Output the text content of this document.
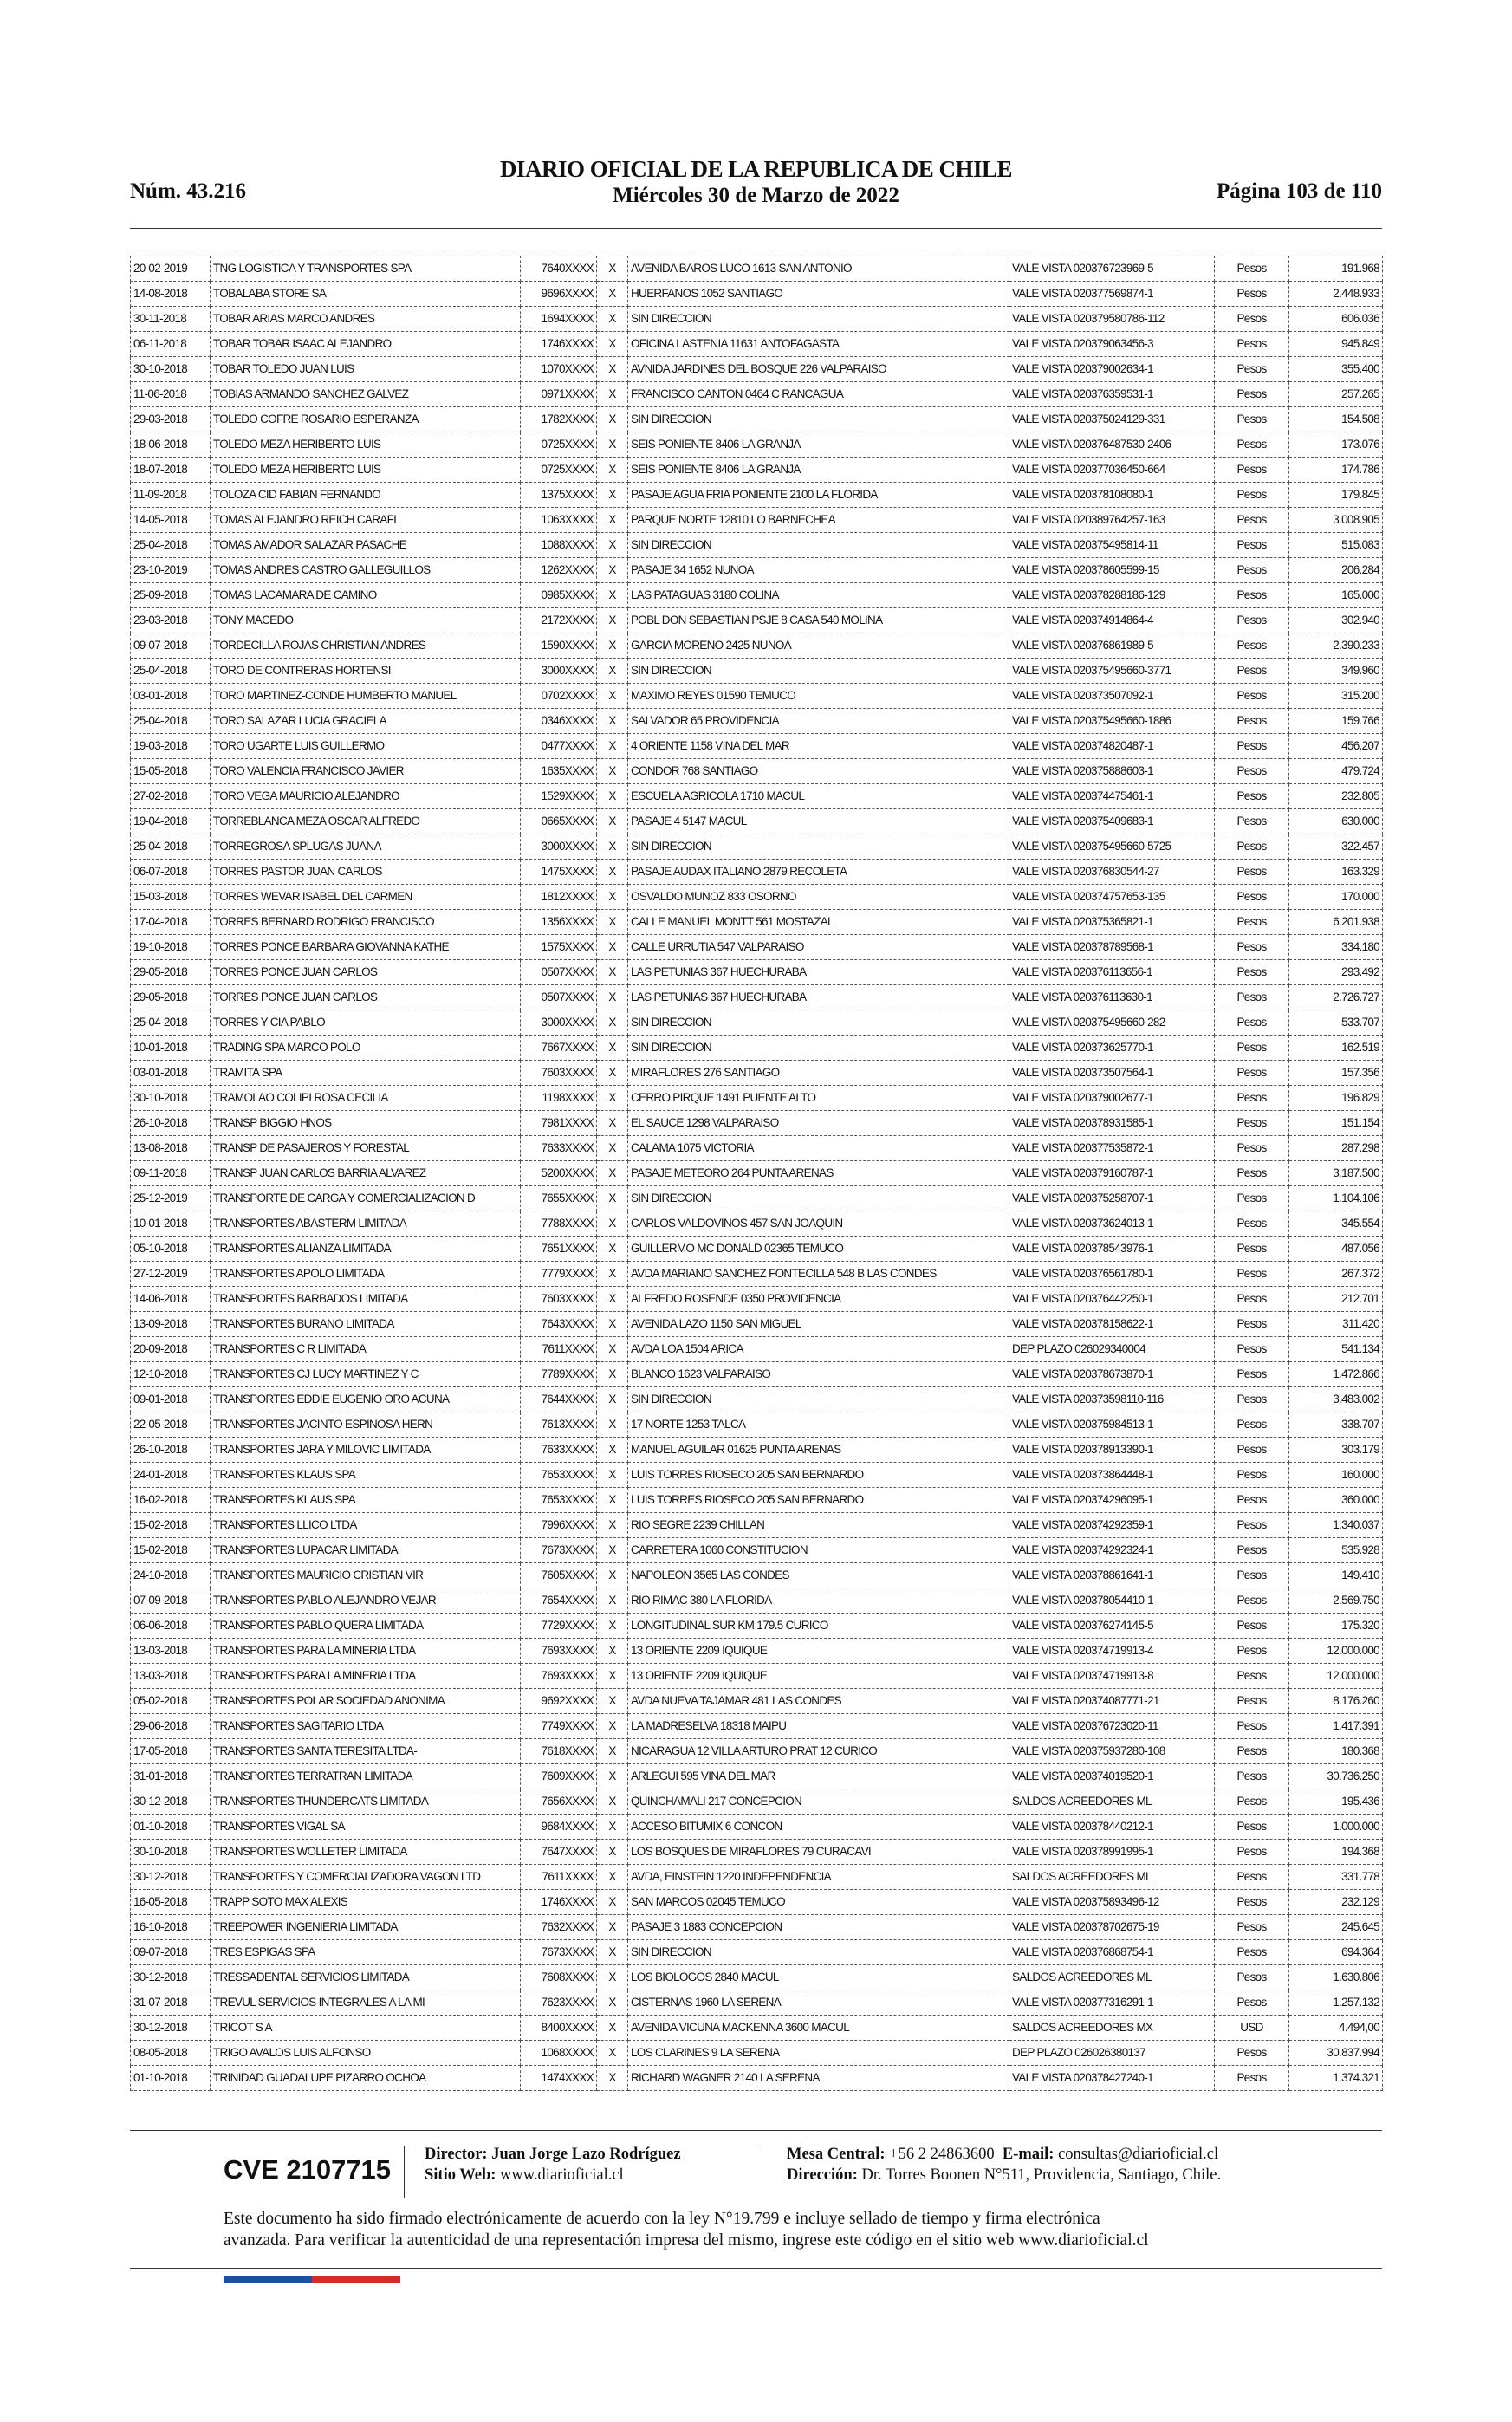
Núm. 43.216
DIARIO OFICIAL DE LA REPUBLICA DE CHILE
Miércoles 30 de Marzo de 2022	Página 103 de 110
20-02-2019	TNG LOGISTICA Y TRANSPORTES SPA	7640XXXX	X	AVENIDA BAROS LUCO 1613 SAN ANTONIO	VALE VISTA 020376723969-5	Pesos	191.968
14-08-2018	TOBALABA STORE SA	9696XXXX	X	HUERFANOS 1052 SANTIAGO	VALE VISTA 020377569874-1	Pesos	2.448.933
30-11-2018	TOBAR ARIAS MARCO ANDRES	1694XXXX	X	SIN DIRECCION	VALE VISTA 020379580786-112	Pesos	606.036
06-11-2018	TOBAR TOBAR ISAAC ALEJANDRO	1746XXXX	X	OFICINA LASTENIA 11631 ANTOFAGASTA	VALE VISTA 020379063456-3	Pesos	945.849
30-10-2018	TOBAR TOLEDO JUAN LUIS	1070XXXX	X	AVNIDA JARDINES DEL BOSQUE 226 VALPARAISO	VALE VISTA 020379002634-1	Pesos	355.400
11-06-2018	TOBIAS ARMANDO SANCHEZ GALVEZ	0971XXXX	X	FRANCISCO CANTON 0464 C RANCAGUA	VALE VISTA 020376359531-1	Pesos	257.265
29-03-2018	TOLEDO COFRE ROSARIO ESPERANZA	1782XXXX	X	SIN DIRECCION	VALE VISTA 020375024129-331	Pesos	154.508
18-06-2018	TOLEDO MEZA HERIBERTO LUIS	0725XXXX	X	SEIS PONIENTE 8406 LA GRANJA	VALE VISTA 020376487530-2406	Pesos	173.076
18-07-2018	TOLEDO MEZA HERIBERTO LUIS	0725XXXX	X	SEIS PONIENTE 8406 LA GRANJA	VALE VISTA 020377036450-664	Pesos	174.786
11-09-2018	TOLOZA CID FABIAN FERNANDO	1375XXXX	X	PASAJE AGUA FRIA PONIENTE 2100 LA FLORIDA	VALE VISTA 020378108080-1	Pesos	179.845
14-05-2018	TOMAS ALEJANDRO REICH CARAFI	1063XXXX	X	PARQUE NORTE 12810 LO BARNECHEA	VALE VISTA 020389764257-163	Pesos	3.008.905
25-04-2018	TOMAS AMADOR SALAZAR PASACHE	1088XXXX	X	SIN DIRECCION	VALE VISTA 020375495814-11	Pesos	515.083
23-10-2019	TOMAS ANDRES CASTRO GALLEGUILLOS	1262XXXX	X	PASAJE 34 1652 NUNOA	VALE VISTA 020378605599-15	Pesos	206.284
25-09-2018	TOMAS LACAMARA DE CAMINO	0985XXXX	X	LAS PATAGUAS 3180 COLINA	VALE VISTA 020378288186-129	Pesos	165.000
23-03-2018	TONY MACEDO	2172XXXX	X	POBL DON SEBASTIAN PSJE 8 CASA 540 MOLINA	VALE VISTA 020374914864-4	Pesos	302.940
09-07-2018	TORDECILLA ROJAS CHRISTIAN ANDRES	1590XXXX	X	GARCIA MORENO 2425 NUNOA	VALE VISTA 020376861989-5	Pesos	2.390.233
25-04-2018	TORO DE CONTRERAS HORTENSI	3000XXXX	X	SIN DIRECCION	VALE VISTA 020375495660-3771	Pesos	349.960
03-01-2018	TORO MARTINEZ-CONDE HUMBERTO MANUEL	0702XXXX	X	MAXIMO REYES 01590 TEMUCO	VALE VISTA 020373507092-1	Pesos	315.200
25-04-2018	TORO SALAZAR LUCIA GRACIELA	0346XXXX	X	SALVADOR 65 PROVIDENCIA	VALE VISTA 020375495660-1886	Pesos	159.766
19-03-2018	TORO UGARTE LUIS GUILLERMO	0477XXXX	X	4 ORIENTE 1158 VINA DEL MAR	VALE VISTA 020374820487-1	Pesos	456.207
15-05-2018	TORO VALENCIA FRANCISCO JAVIER	1635XXXX	X	CONDOR 768 SANTIAGO	VALE VISTA 020375888603-1	Pesos	479.724
27-02-2018	TORO VEGA MAURICIO ALEJANDRO	1529XXXX	X	ESCUELA AGRICOLA 1710 MACUL	VALE VISTA 020374475461-1	Pesos	232.805
19-04-2018	TORREBLANCA MEZA OSCAR ALFREDO	0665XXXX	X	PASAJE 4 5147 MACUL	VALE VISTA 020375409683-1	Pesos	630.000
25-04-2018	TORREGROSA SPLUGAS JUANA	3000XXXX	X	SIN DIRECCION	VALE VISTA 020375495660-5725	Pesos	322.457
06-07-2018	TORRES PASTOR JUAN CARLOS	1475XXXX	X	PASAJE AUDAX ITALIANO 2879 RECOLETA	VALE VISTA 020376830544-27	Pesos	163.329
15-03-2018	TORRES WEVAR ISABEL DEL CARMEN	1812XXXX	X	OSVALDO MUNOZ 833 OSORNO	VALE VISTA 020374757653-135	Pesos	170.000
17-04-2018	TORRES BERNARD RODRIGO FRANCISCO	1356XXXX	X	CALLE MANUEL MONTT 561 MOSTAZAL	VALE VISTA 020375365821-1	Pesos	6.201.938
19-10-2018	TORRES PONCE BARBARA GIOVANNA KATHE	1575XXXX	X	CALLE URRUTIA 547 VALPARAISO	VALE VISTA 020378789568-1	Pesos	334.180
29-05-2018	TORRES PONCE JUAN CARLOS	0507XXXX	X	LAS PETUNIAS 367 HUECHURABA	VALE VISTA 020376113656-1	Pesos	293.492
29-05-2018	TORRES PONCE JUAN CARLOS	0507XXXX	X	LAS PETUNIAS 367 HUECHURABA	VALE VISTA 020376113630-1	Pesos	2.726.727
25-04-2018	TORRES Y CIA PABLO	3000XXXX	X	SIN DIRECCION	VALE VISTA 020375495660-282	Pesos	533.707
10-01-2018	TRADING SPA MARCO POLO	7667XXXX	X	SIN DIRECCION	VALE VISTA 020373625770-1	Pesos	162.519
03-01-2018	TRAMITA SPA	7603XXXX	X	MIRAFLORES 276 SANTIAGO	VALE VISTA 020373507564-1	Pesos	157.356
30-10-2018	TRAMOLAO COLIPI ROSA CECILIA	1198XXXX	X	CERRO PIRQUE 1491 PUENTE ALTO	VALE VISTA 020379002677-1	Pesos	196.829
26-10-2018	TRANSP BIGGIO HNOS	7981XXXX	X	EL SAUCE 1298 VALPARAISO	VALE VISTA 020378931585-1	Pesos	151.154
13-08-2018	TRANSP DE PASAJEROS Y FORESTAL	7633XXXX	X	CALAMA 1075 VICTORIA	VALE VISTA 020377535872-1	Pesos	287.298
09-11-2018	TRANSP JUAN CARLOS BARRIA ALVAREZ	5200XXXX	X	PASAJE METEORO 264 PUNTA ARENAS	VALE VISTA 020379160787-1	Pesos	3.187.500
25-12-2019	TRANSPORTE DE CARGA Y COMERCIALIZACION D	7655XXXX	X	SIN DIRECCION	VALE VISTA 020375258707-1	Pesos	1.104.106
10-01-2018	TRANSPORTES ABASTERM LIMITADA	7788XXXX	X	CARLOS VALDOVINOS 457 SAN JOAQUIN	VALE VISTA 020373624013-1	Pesos	345.554
05-10-2018	TRANSPORTES ALIANZA LIMITADA	7651XXXX	X	GUILLERMO MC DONALD 02365 TEMUCO	VALE VISTA 020378543976-1	Pesos	487.056
27-12-2019	TRANSPORTES APOLO LIMITADA	7779XXXX	X	AVDA MARIANO SANCHEZ FONTECILLA 548 B LAS CONDES	VALE VISTA 020376561780-1	Pesos	267.372
14-06-2018	TRANSPORTES BARBADOS LIMITADA	7603XXXX	X	ALFREDO ROSENDE 0350 PROVIDENCIA	VALE VISTA 020376442250-1	Pesos	212.701
13-09-2018	TRANSPORTES BURANO LIMITADA	7643XXXX	X	AVENIDA LAZO 1150 SAN MIGUEL	VALE VISTA 020378158622-1	Pesos	311.420
20-09-2018	TRANSPORTES C R LIMITADA	7611XXXX	X	AVDA LOA 1504 ARICA	DEP PLAZO 026029340004	Pesos	541.134
12-10-2018	TRANSPORTES CJ LUCY MARTINEZ Y C	7789XXXX	X	BLANCO 1623 VALPARAISO	VALE VISTA 020378673870-1	Pesos	1.472.866
09-01-2018	TRANSPORTES EDDIE EUGENIO ORO ACUNA	7644XXXX	X	SIN DIRECCION	VALE VISTA 020373598110-116	Pesos	3.483.002
22-05-2018	TRANSPORTES JACINTO ESPINOSA HERN	7613XXXX	X	17 NORTE 1253 TALCA	VALE VISTA 020375984513-1	Pesos	338.707
26-10-2018	TRANSPORTES JARA Y MILOVIC LIMITADA	7633XXXX	X	MANUEL AGUILAR 01625 PUNTA ARENAS	VALE VISTA 020378913390-1	Pesos	303.179
24-01-2018	TRANSPORTES KLAUS SPA	7653XXXX	X	LUIS TORRES RIOSECO 205 SAN BERNARDO	VALE VISTA 020373864448-1	Pesos	160.000
16-02-2018	TRANSPORTES KLAUS SPA	7653XXXX	X	LUIS TORRES RIOSECO 205 SAN BERNARDO	VALE VISTA 020374296095-1	Pesos	360.000
15-02-2018	TRANSPORTES LLICO LTDA	7996XXXX	X	RIO SEGRE 2239 CHILLAN	VALE VISTA 020374292359-1	Pesos	1.340.037
15-02-2018	TRANSPORTES LUPACAR LIMITADA	7673XXXX	X	CARRETERA 1060 CONSTITUCION	VALE VISTA 020374292324-1	Pesos	535.928
24-10-2018	TRANSPORTES MAURICIO CRISTIAN VIR	7605XXXX	X	NAPOLEON 3565 LAS CONDES	VALE VISTA 020378861641-1	Pesos	149.410
07-09-2018	TRANSPORTES PABLO ALEJANDRO VEJAR	7654XXXX	X	RIO RIMAC 380 LA FLORIDA	VALE VISTA 020378054410-1	Pesos	2.569.750
06-06-2018	TRANSPORTES PABLO QUERA LIMITADA	7729XXXX	X	LONGITUDINAL SUR KM 179.5 CURICO	VALE VISTA 020376274145-5	Pesos	175.320
13-03-2018	TRANSPORTES PARA LA MINERIA LTDA	7693XXXX	X	13 ORIENTE 2209 IQUIQUE	VALE VISTA 020374719913-4	Pesos	12.000.000
13-03-2018	TRANSPORTES PARA LA MINERIA LTDA	7693XXXX	X	13 ORIENTE 2209 IQUIQUE	VALE VISTA 020374719913-8	Pesos	12.000.000
05-02-2018	TRANSPORTES POLAR SOCIEDAD ANONIMA	9692XXXX	X	AVDA NUEVA TAJAMAR 481 LAS CONDES	VALE VISTA 020374087771-21	Pesos	8.176.260
29-06-2018	TRANSPORTES SAGITARIO LTDA	7749XXXX	X	LA MADRESELVA 18318 MAIPU	VALE VISTA 020376723020-11	Pesos	1.417.391
17-05-2018	TRANSPORTES SANTA TERESITA LTDA-	7618XXXX	X	NICARAGUA 12 VILLA ARTURO PRAT 12 CURICO	VALE VISTA 020375937280-108	Pesos	180.368
31-01-2018	TRANSPORTES TERRATRAN LIMITADA	7609XXXX	X	ARLEGUI 595 VINA DEL MAR	VALE VISTA 020374019520-1	Pesos	30.736.250
30-12-2018	TRANSPORTES THUNDERCATS LIMITADA	7656XXXX	X	QUINCHAMALI 217 CONCEPCION	SALDOS ACREEDORES ML	Pesos	195.436
01-10-2018	TRANSPORTES VIGAL SA	9684XXXX	X	ACCESO BITUMIX 6 CONCON	VALE VISTA 020378440212-1	Pesos	1.000.000
30-10-2018	TRANSPORTES WOLLETER LIMITADA	7647XXXX	X	LOS BOSQUES DE MIRAFLORES 79 CURACAVI	VALE VISTA 020378991995-1	Pesos	194.368
30-12-2018	TRANSPORTES Y COMERCIALIZADORA VAGON LTD	7611XXXX	X	AVDA, EINSTEIN 1220 INDEPENDENCIA	SALDOS ACREEDORES ML	Pesos	331.778
16-05-2018	TRAPP SOTO MAX ALEXIS	1746XXXX	X	SAN MARCOS 02045 TEMUCO	VALE VISTA 020375893496-12	Pesos	232.129
16-10-2018	TREEPOWER INGENIERIA LIMITADA	7632XXXX	X	PASAJE 3 1883 CONCEPCION	VALE VISTA 020378702675-19	Pesos	245.645
09-07-2018	TRES ESPIGAS SPA	7673XXXX	X	SIN DIRECCION	VALE VISTA 020376868754-1	Pesos	694.364
30-12-2018	TRESSADENTAL SERVICIOS LIMITADA	7608XXXX	X	LOS BIOLOGOS 2840 MACUL	SALDOS ACREEDORES ML	Pesos	1.630.806
31-07-2018	TREVUL SERVICIOS INTEGRALES A LA MI	7623XXXX	X	CISTERNAS 1960 LA SERENA	VALE VISTA 020377316291-1	Pesos	1.257.132
30-12-2018	TRICOT S A	8400XXXX	X	AVENIDA VICUNA MACKENNA 3600 MACUL	SALDOS ACREEDORES MX	USD	4.494,00
08-05-2018	TRIGO AVALOS LUIS ALFONSO	1068XXXX	X	LOS CLARINES 9 LA SERENA	DEP PLAZO 026026380137	Pesos	30.837.994
01-10-2018	TRINIDAD GUADALUPE PIZARRO OCHOA	1474XXXX	X	RICHARD WAGNER 2140 LA SERENA	VALE VISTA 020378427240-1	Pesos	1.374.321
CVE 2107715 Director: Juan Jorge Lazo Rodríguez
Sitio Web: www.diarioficial.cl
Mesa Central: +56 2 24863600 E-mail: consultas@diarioficial.cl
Dirección: Dr. Torres Boonen N°511, Providencia, Santiago, Chile.
Este documento ha sido firmado electrónicamente de acuerdo con la ley N°19.799 e incluye sellado de tiempo y firma electrónica
avanzada. Para verificar la autenticidad de una representación impresa del mismo, ingrese este código en el sitio web www.diarioficial.cl
